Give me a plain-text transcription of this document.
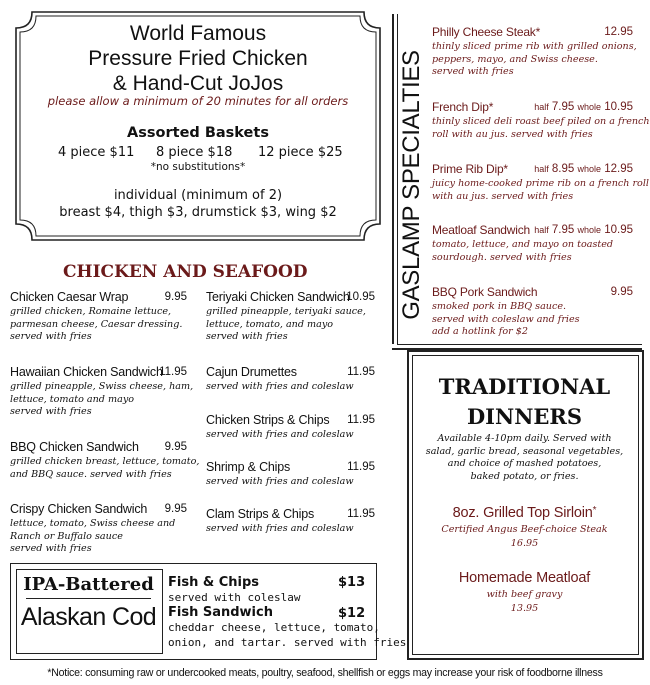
World Famous
Pressure Fried Chicken
& Hand-Cut JoJos
please allow a minimum of 20 minutes for all orders
Assorted Baskets
4 piece $11 8 piece $18 12 piece $25
*no substitutions*
individual (minimum of 2)
breast $4, thigh $3, drumstick $3, wing $2
CHICKEN AND SEAFOOD
Chicken Caesar Wrap	9.95
grilled chicken, Romaine lettuce,
parmesan cheese, Caesar dressing.
served with fries
Hawaiian Chicken Sandwich
11.95
grilled pineapple, Swiss cheese, ham,
lettuce, tomato and mayo
served with fries
BBQ Chicken Sandwich 9.95
grilled chicken breast, lettuce, tomato,
and BBQ sauce. served with fries
Crispy Chicken Sandwich 9.95
lettuce, tomato, Swiss cheese and
Ranch or Buffalo sauce
served with fries
Teriyaki Chicken Sandwich
10.95
grilled pineapple, teriyaki sauce,
lettuce, tomato, and mayo
served with fries
Cajun Drumettes	11.95
served with fries and coleslaw
Chicken Strips & Chips 11.95
served with fries and coleslaw
Shrimp & Chips	11.95
served with fries and coleslaw
Clam Strips & Chips	11.95
served with fries and coleslaw
IPA-Battered
Alaskan Cod
Fish & Chips	$13
served with coleslaw
Fish Sandwich	$12
cheddar cheese, lettuce, tomato,
onion, and tartar. served with fries
GASLAMP SPECIALTIES
Philly Cheese Steak*	12.95
thinly sliced prime rib with grilled onions,
peppers, mayo, and Swiss cheese.
served with fries
French Dip*	half 7.95 whole 10.95
thinly sliced deli roast beef piled on a french
roll with au jus. served with fries
Prime Rib Dip*	half 8.95 whole 12.95
juicy home-cooked prime rib on a french roll
with au jus. served with fries
Meatloaf Sandwich half 7.95 whole 10.95
tomato, lettuce, and mayo on toasted
sourdough. served with fries
BBQ Pork Sandwich	9.95
smoked pork in BBQ sauce.
served with coleslaw and fries
add a hotlink for $2
TRADITIONAL
DINNERS
Available 4-10pm daily. Served with
salad, garlic bread, seasonal vegetables,
and choice of mashed potatoes,
baked potato, or fries.
8oz. Grilled Top Sirloin*
Certified Angus Beef-choice Steak
16.95
Homemade Meatloaf
with beef gravy
13.95
*Notice: consuming raw or undercooked meats, poultry, seafood, shellfish or eggs may increase your risk of foodborne illness
